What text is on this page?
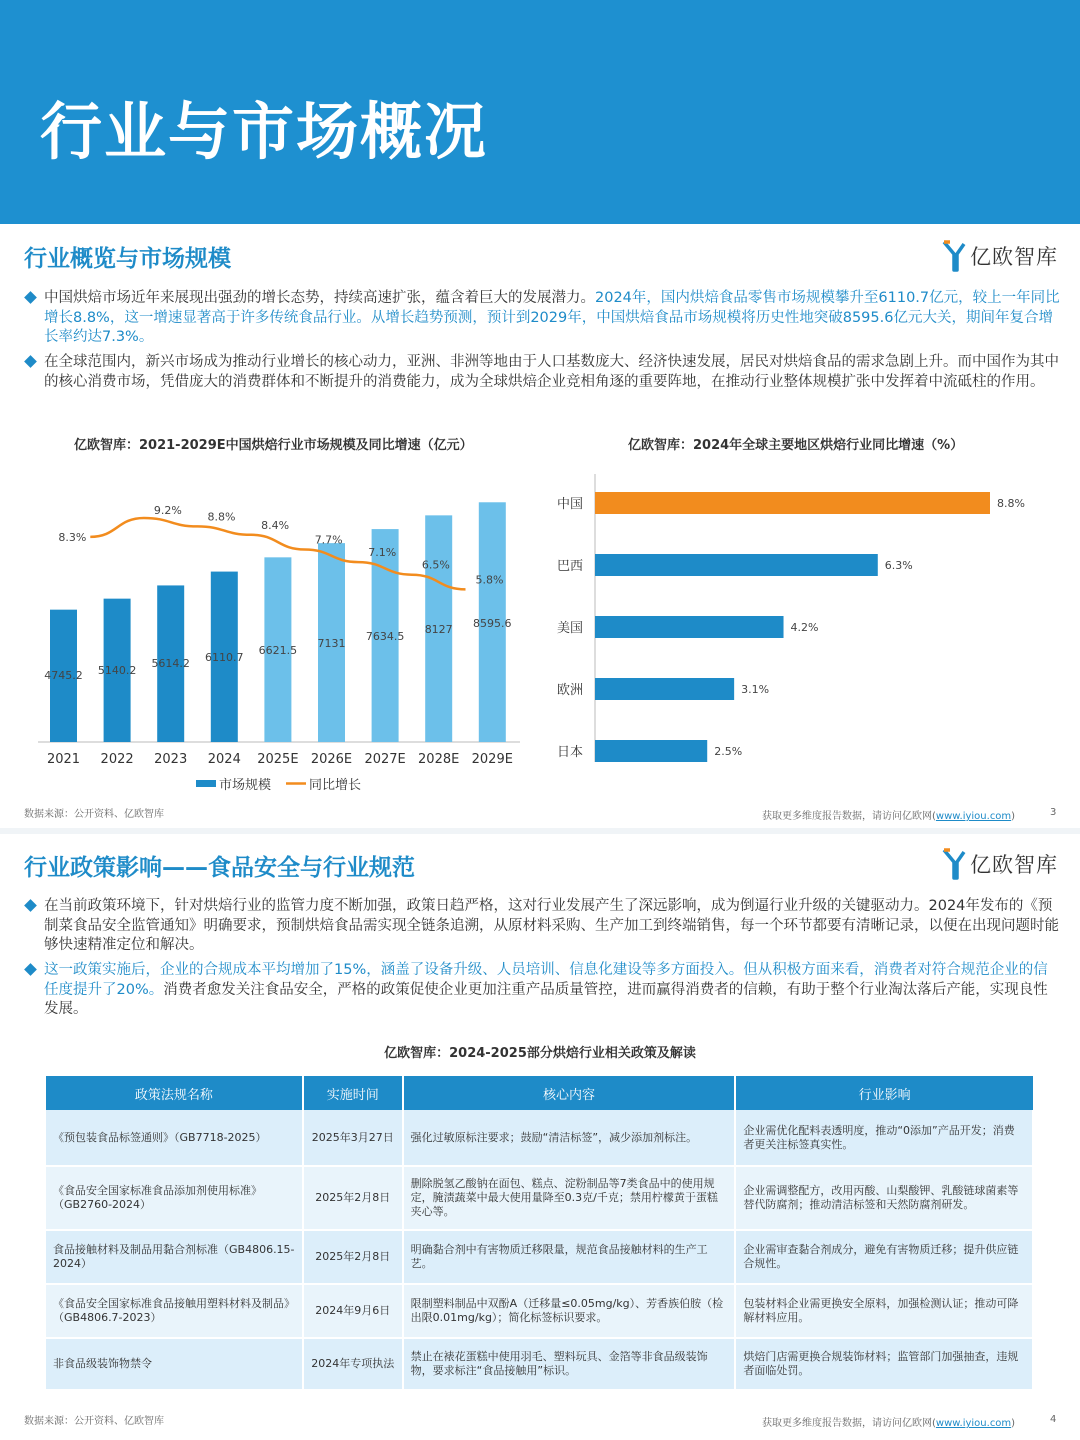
行业与市场概况
行业概览与市场规模	亿欧智库
中国烘焙市场近年来展现出强劲的增长态势，持续高速扩张，蕴含着巨大的发展潜力。2024年，国内烘焙食品零售市场规模攀升至6110.7亿元，较上一年同比增长8.8%，这一增速显著高于许多传统食品行业。从增长趋势预测，预计到2029年，中国烘焙食品市场规模将历史性地突破8595.6亿元大关，期间年复合增长率约达7.3%。
在全球范围内，新兴市场成为推动行业增长的核心动力，亚洲、非洲等地由于人口基数庞大、经济快速发展，居民对烘焙食品的需求急剧上升。而中国作为其中的核心消费市场，凭借庞大的消费群体和不断提升的消费能力，成为全球烘焙企业竞相角逐的重要阵地，在推动行业整体规模扩张中发挥着中流砥柱的作用。
亿欧智库：2021-2029E中国烘焙行业市场规模及同比增速（亿元）
4745.2
2021
5140.2
2022
5614.2
2023
6110.7
2024
6621.5
2025E
7131
2026E
7634.5
2027E
8127
2028E
8595.6
2029E
8.3%
9.2% 8.8%
8.4%
7.7%
7.1%
6.5%
5.8%
市场规模	同比增长
亿欧智库：2024年全球主要地区烘焙行业同比增速（%）
中国	8.8%
巴西	6.3%
美国	4.2%
欧洲	3.1%
日本	2.5%
数据来源：公开资料、亿欧智库	获取更多维度报告数据，请访问亿欧网(www.iyiou.com)	3
行业政策影响——食品安全与行业规范	亿欧智库
在当前政策环境下，针对烘焙行业的监管力度不断加强，政策日趋严格，这对行业发展产生了深远影响，成为倒逼行业升级的关键驱动力。2024年发布的《预制菜食品安全监管通知》明确要求，预制烘焙食品需实现全链条追溯，从原材料采购、生产加工到终端销售，每一个环节都要有清晰记录，以便在出现问题时能够快速精准定位和解决。
这一政策实施后，企业的合规成本平均增加了15%，涵盖了设备升级、人员培训、信息化建设等多方面投入。但从积极方面来看，消费者对符合规范企业的信任度提升了20%。消费者愈发关注食品安全，严格的政策促使企业更加注重产品质量管控，进而赢得消费者的信赖，有助于整个行业淘汰落后产能，实现良性发展。
亿欧智库：2024-2025部分烘焙行业相关政策及解读
政策法规名称	实施时间	核心内容	行业影响
《预包装食品标签通则》（GB7718-2025）	2025年3月27日	强化过敏原标注要求；鼓励“清洁标签”，减少添加剂标注。	企业需优化配料表透明度，推动“0添加”产品开发；消费者更关注标签真实性。
《食品安全国家标准食品添加剂使用标准》（GB2760-2024）	2025年2月8日	删除脱氢乙酸钠在面包、糕点、淀粉制品等7类食品中的使用规定，腌渍蔬菜中最大使用量降至0.3克/千克；禁用柠檬黄于蛋糕夹心等。	企业需调整配方，改用丙酸、山梨酸钾、乳酸链球菌素等替代防腐剂；推动清洁标签和天然防腐剂研发。
食品接触材料及制品用黏合剂标准（GB4806.15-2024）	2025年2月8日	明确黏合剂中有害物质迁移限量，规范食品接触材料的生产工艺。	企业需审查黏合剂成分，避免有害物质迁移；提升供应链合规性。
《食品安全国家标准食品接触用塑料材料及制品》（GB4806.7-2023）	2024年9月6日	限制塑料制品中双酚A（迁移量≤0.05mg/kg）、芳香族伯胺（检出限0.01mg/kg）；简化标签标识要求。	包装材料企业需更换安全原料，加强检测认证；推动可降解材料应用。
非食品级装饰物禁令	2024年专项执法	禁止在裱花蛋糕中使用羽毛、塑料玩具、金箔等非食品级装饰物，要求标注“食品接触用”标识。	烘焙门店需更换合规装饰材料；监管部门加强抽查，违规者面临处罚。
数据来源：公开资料、亿欧智库	获取更多维度报告数据，请访问亿欧网(www.iyiou.com)	4
